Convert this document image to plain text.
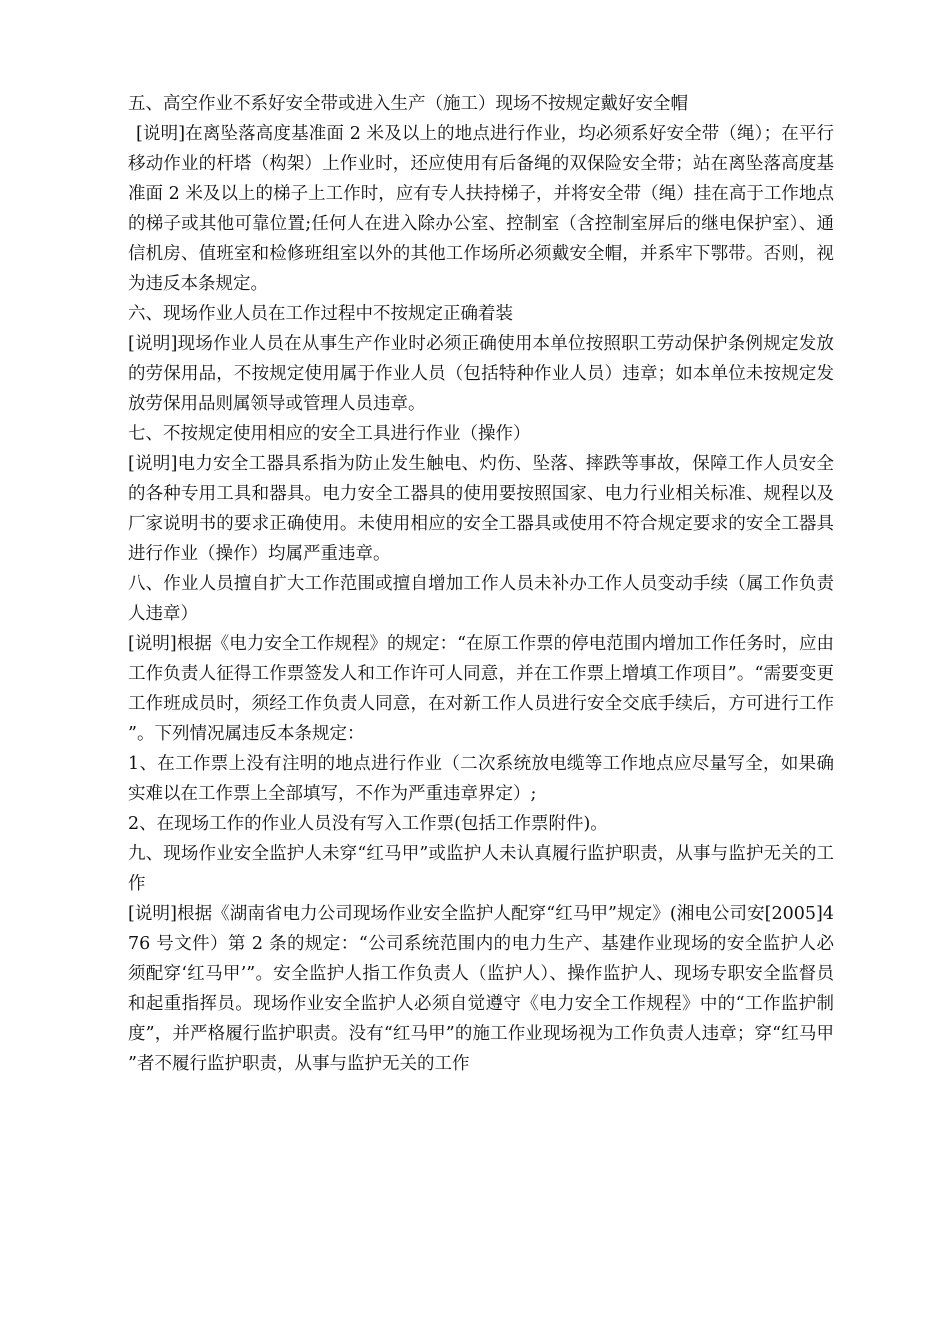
五、高空作业不系好安全带或进入生产（施工）现场不按规定戴好安全帽

[说明]在离坠落高度基准面 2 米及以上的地点进行作业，均必须系好安全带（绳）；在平行移动作业的杆塔（构架）上作业时，还应使用有后备绳的双保险安全带；站在离坠落高度基准面 2 米及以上的梯子上工作时，应有专人扶持梯子，并将安全带（绳）挂在高于工作地点的梯子或其他可靠位置;任何人在进入除办公室、控制室（含控制室屏后的继电保护室）、通信机房、值班室和检修班组室以外的其他工作场所必须戴安全帽，并系牢下鄂带。否则，视为违反本条规定。

六、现场作业人员在工作过程中不按规定正确着装

[说明]现场作业人员在从事生产作业时必须正确使用本单位按照职工劳动保护条例规定发放的劳保用品，不按规定使用属于作业人员（包括特种作业人员）违章；如本单位未按规定发放劳保用品则属领导或管理人员违章。

七、不按规定使用相应的安全工具进行作业（操作）

[说明]电力安全工器具系指为防止发生触电、灼伤、坠落、摔跌等事故，保障工作人员安全的各种专用工具和器具。电力安全工器具的使用要按照国家、电力行业相关标准、规程以及厂家说明书的要求正确使用。未使用相应的安全工器具或使用不符合规定要求的安全工器具进行作业（操作）均属严重违章。

八、作业人员擅自扩大工作范围或擅自增加工作人员未补办工作人员变动手续（属工作负责人违章）

[说明]根据《电力安全工作规程》的规定：“在原工作票的停电范围内增加工作任务时，应由工作负责人征得工作票签发人和工作许可人同意，并在工作票上增填工作项目”。“需要变更工作班成员时，须经工作负责人同意，在对新工作人员进行安全交底手续后，方可进行工作”。下列情况属违反本条规定：

1、在工作票上没有注明的地点进行作业（二次系统放电缆等工作地点应尽量写全，如果确实难以在工作票上全部填写，不作为严重违章界定）;

2、在现场工作的作业人员没有写入工作票(包括工作票附件)。

九、现场作业安全监护人未穿“红马甲”或监护人未认真履行监护职责，从事与监护无关的工作

[说明]根据《湖南省电力公司现场作业安全监护人配穿“红马甲”规定》(湘电公司安[2005]476 号文件）第 2 条的规定：“公司系统范围内的电力生产、基建作业现场的安全监护人必须配穿‘红马甲’”。安全监护人指工作负责人（监护人）、操作监护人、现场专职安全监督员和起重指挥员。现场作业安全监护人必须自觉遵守《电力安全工作规程》中的“工作监护制度”，并严格履行监护职责。没有“红马甲”的施工作业现场视为工作负责人违章；穿“红马甲”者不履行监护职责，从事与监护无关的工作
